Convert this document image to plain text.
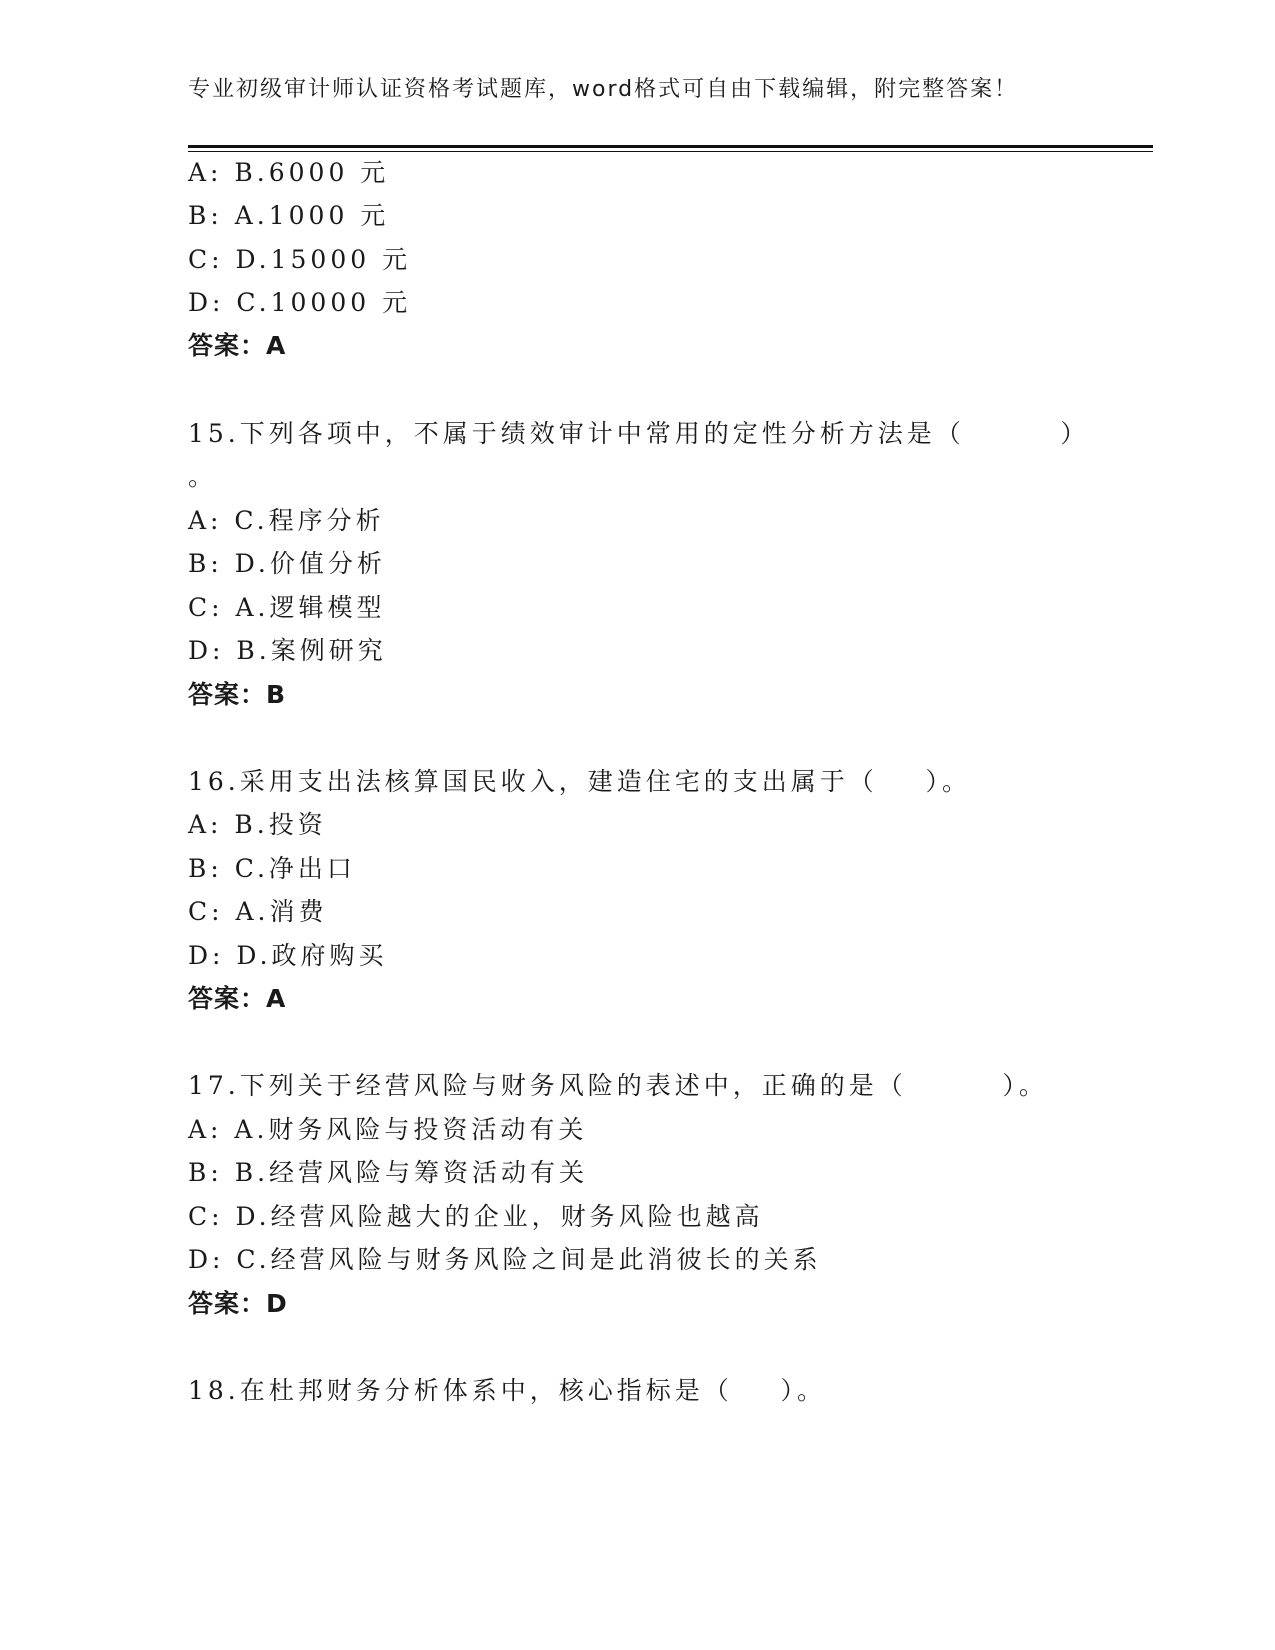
专业初级审计师认证资格考试题库，word格式可自由下载编辑，附完整答案！
A: B.6000 元
B: A.1000 元
C: D.15000 元
D: C.10000 元
答案：A
15.下列各项中，不属于绩效审计中常用的定性分析方法是（        ）
。
A: C.程序分析
B: D.价值分析
C: A.逻辑模型
D: B.案例研究
答案：B
16.采用支出法核算国民收入，建造住宅的支出属于（    ）。
A: B.投资
B: C.净出口
C: A.消费
D: D.政府购买
答案：A
17.下列关于经营风险与财务风险的表述中，正确的是（        ）。
A: A.财务风险与投资活动有关
B: B.经营风险与筹资活动有关
C: D.经营风险越大的企业，财务风险也越高
D: C.经营风险与财务风险之间是此消彼长的关系
答案：D
18.在杜邦财务分析体系中，核心指标是（    ）。
